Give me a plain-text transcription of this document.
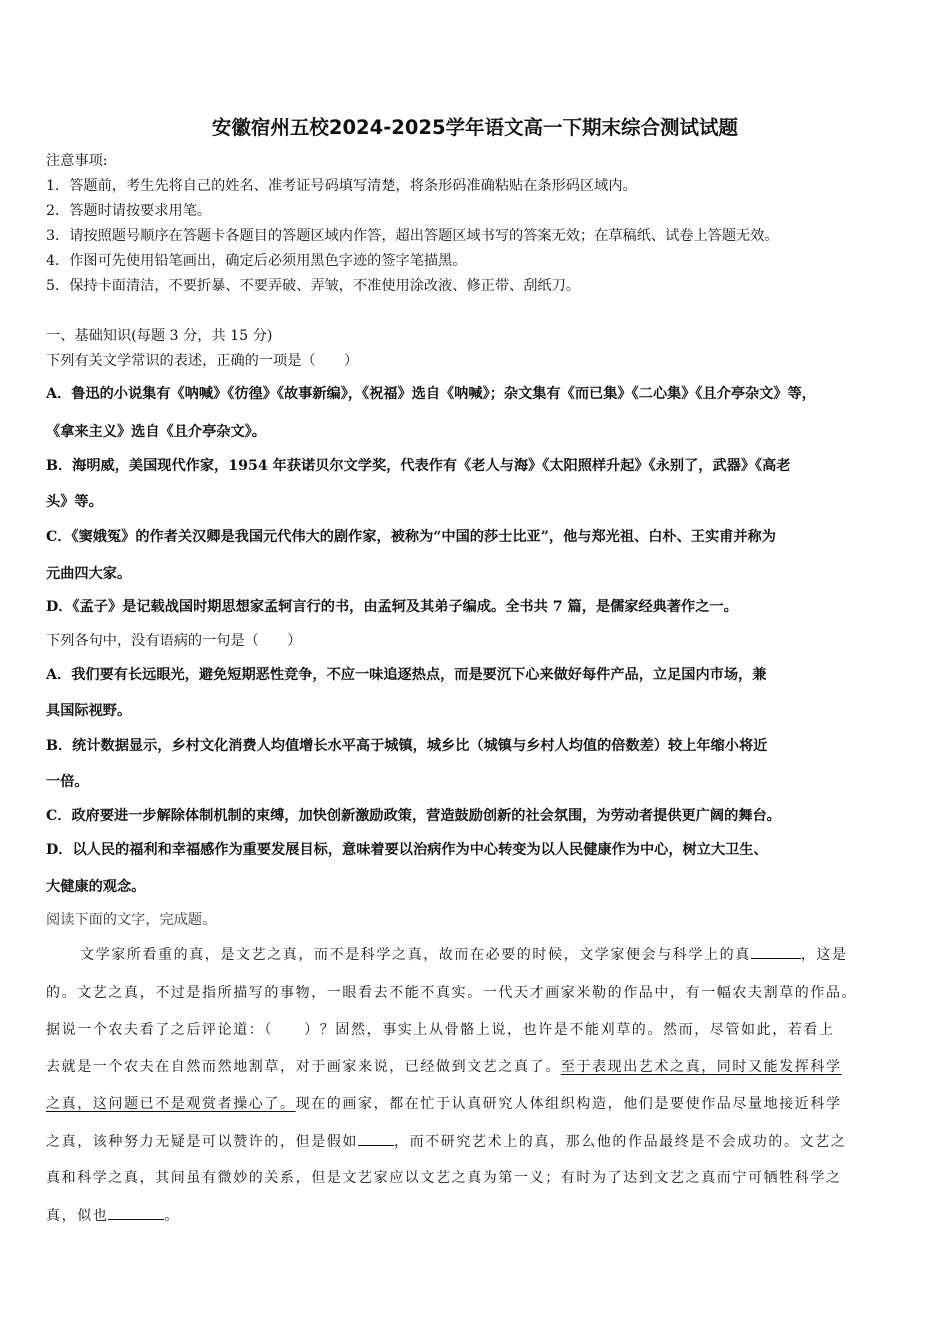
安徽宿州五校2024-2025学年语文高一下期末综合测试试题
注意事项:
1．答题前，考生先将自己的姓名、准考证号码填写清楚，将条形码准确粘贴在条形码区域内。
2．答题时请按要求用笔。
3．请按照题号顺序在答题卡各题目的答题区域内作答，超出答题区域书写的答案无效；在草稿纸、试卷上答题无效。
4．作图可先使用铅笔画出，确定后必须用黑色字迹的签字笔描黑。
5．保持卡面清洁，不要折暴、不要弄破、弄皱，不准使用涂改液、修正带、刮纸刀。
一、基础知识(每题 3 分，共 15 分)
下列有关文学常识的表述，正确的一项是（　　）
A．鲁迅的小说集有《呐喊》《彷徨》《故事新编》，《祝福》选自《呐喊》；杂文集有《而已集》《二心集》《且介亭杂文》等，
《拿来主义》选自《且介亭杂文》。
B．海明威，美国现代作家，1954 年获诺贝尔文学奖，代表作有《老人与海》《太阳照样升起》《永别了，武器》《高老
头》等。
C．《窦娥冤》的作者关汉卿是我国元代伟大的剧作家，被称为“中国的莎士比亚”，他与郑光祖、白朴、王实甫并称为
元曲四大家。
D．《孟子》是记载战国时期思想家孟轲言行的书，由孟轲及其弟子编成。全书共 7 篇，是儒家经典著作之一。
下列各句中，没有语病的一句是（　　）
A．我们要有长远眼光，避免短期恶性竞争，不应一味追逐热点，而是要沉下心来做好每件产品，立足国内市场，兼
具国际视野。
B．统计数据显示，乡村文化消费人均值增长水平高于城镇，城乡比（城镇与乡村人均值的倍数差）较上年缩小将近
一倍。
C．政府要进一步解除体制机制的束缚，加快创新激励政策，营造鼓励创新的社会氛围，为劳动者提供更广阔的舞台。
D．以人民的福利和幸福感作为重要发展目标，意味着要以治病作为中心转变为以人民健康作为中心，树立大卫生、
大健康的观念。
阅读下面的文字，完成题。
文学家所看重的真，是文艺之真，而不是科学之真，故而在必要的时候，文学家便会与科学上的真	，这是
的。文艺之真，不过是指所描写的事物，一眼看去不能不真实。一代天才画家米勒的作品中，有一幅农夫割草的作品。
据说一个农夫看了之后评论道：（　　）？固然，事实上从骨骼上说，也许是不能刈草的。然而，尽管如此，若看上
去就是一个农夫在自然而然地割草，对于画家来说，已经做到文艺之真了。至于表现出艺术之真，同时又能发挥科学
之真，这问题已不是观赏者操心了。现在的画家，都在忙于认真研究人体组织构造，他们是要使作品尽量地接近科学
之真，该种努力无疑是可以赞许的，但是假如	，而不研究艺术上的真，那么他的作品最终是不会成功的。文艺之
真和科学之真，其间虽有微妙的关系，但是文艺家应以文艺之真为第一义；有时为了达到文艺之真而宁可牺牲科学之
真，似也	。
